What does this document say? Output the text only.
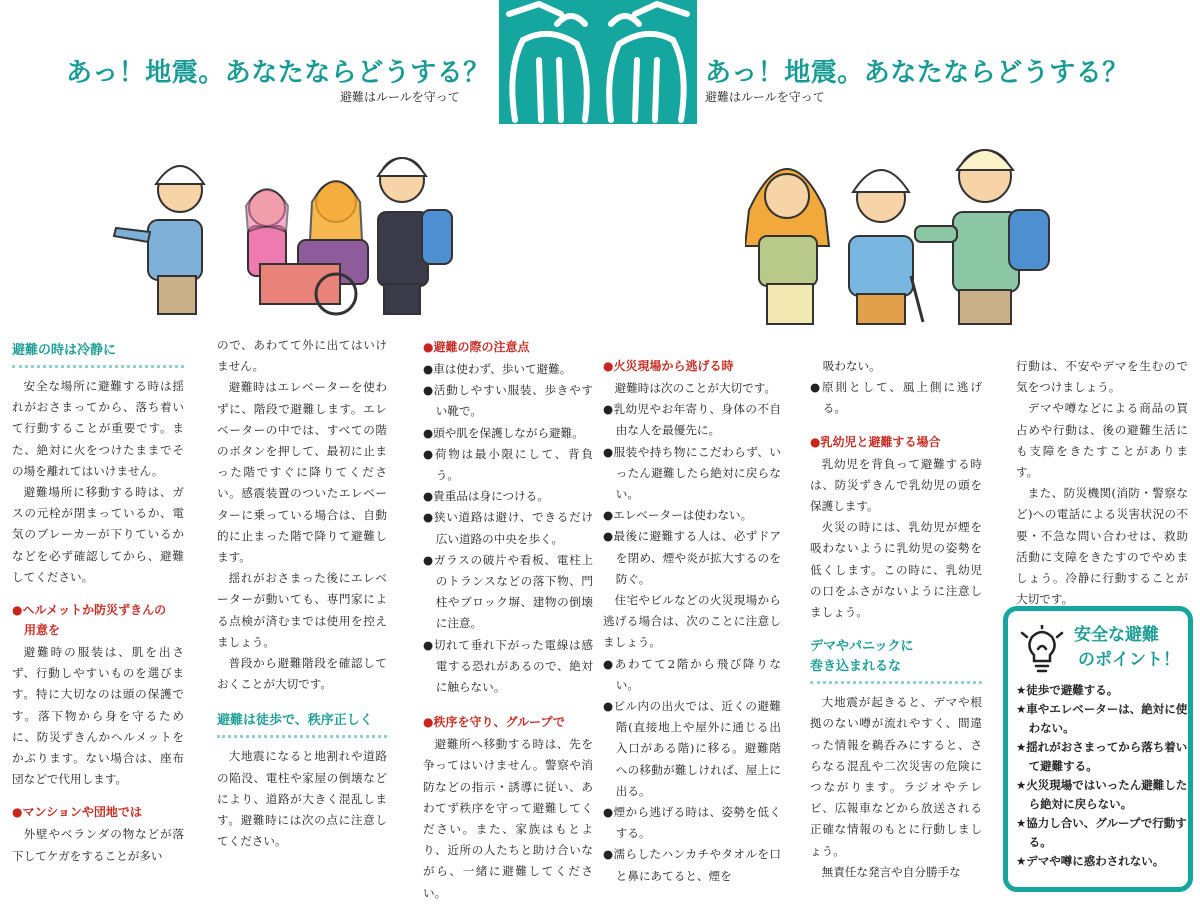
あっ！地震。あなたならどうする？
避難はルールを守って
あっ！地震。あなたならどうする？
避難はルールを守って
避難の時は冷静に

安全な場所に避難する時は揺れがおさまってから、落ち着いて行動することが重要です。また、絶対に火をつけたままでその場を離れてはいけません。

避難場所に移動する時は、ガスの元栓が閉まっているか、電気のブレーカーが下りているかなどを必ず確認してから、避難してください。

●ヘルメットか防災ずきんの
用意を

避難時の服装は、肌を出さず、行動しやすいものを選びます。特に大切なのは頭の保護です。落下物から身を守るために、防災ずきんかヘルメットをかぶります。ない場合は、座布団などで代用します。

●マンションや団地では

外壁やベランダの物などが落下してケガをすることが多い

ので、あわてて外に出てはいけません。

避難時はエレベーターを使わずに、階段で避難します。エレベーターの中では、すべての階のボタンを押して、最初に止まった階ですぐに降りてください。感震装置のついたエレベーターに乗っている場合は、自動的に止まった階で降りて避難します。

揺れがおさまった後にエレベーターが動いても、専門家による点検が済むまでは使用を控えましょう。

普段から避難階段を確認しておくことが大切です。

避難は徒歩で、秩序正しく

大地震になると地割れや道路の陥没、電柱や家屋の倒壊などにより、道路が大きく混乱します。避難時には次の点に注意してください。

●避難の際の注意点

●車は使わず、歩いて避難。

●活動しやすい服装、歩きやすい靴で。

●頭や肌を保護しながら避難。

●荷物は最小限にして、背負う。

●貴重品は身につける。

●狭い道路は避け、できるだけ広い道路の中央を歩く。

●ガラスの破片や看板、電柱上のトランスなどの落下物、門柱やブロック塀、建物の倒壊に注意。

●切れて垂れ下がった電線は感電する恐れがあるので、絶対に触らない。

●秩序を守り、グループで

避難所へ移動する時は、先を争ってはいけません。警察や消防などの指示・誘導に従い、あわてず秩序を守って避難してください。また、家族はもとより、近所の人たちと助け合いながら、一緒に避難してください。

●火災現場から逃げる時

避難時は次のことが大切です。

●乳幼児やお年寄り、身体の不自由な人を最優先に。

●服装や持ち物にこだわらず、いったん避難したら絶対に戻らない。

●エレベーターは使わない。

●最後に避難する人は、必ずドアを閉め、煙や炎が拡大するのを防ぐ。

住宅やビルなどの火災現場から逃げる場合は、次のことに注意しましょう。

●あわてて2階から飛び降りない。

●ビル内の出火では、近くの避難階(直接地上や屋外に通じる出入口がある階)に移る。避難階への移動が難しければ、屋上に出る。

●煙から逃げる時は、姿勢を低くする。

●濡らしたハンカチやタオルを口と鼻にあてると、煙を

吸わない。

●原則として、風上側に逃げる。

●乳幼児と避難する場合

乳幼児を背負って避難する時は、防災ずきんで乳幼児の頭を保護します。

火災の時には、乳幼児が煙を吸わないように乳幼児の姿勢を低くします。この時に、乳幼児の口をふさがないように注意しましょう。

デマやパニックに
巻き込まれるな

大地震が起きると、デマや根拠のない噂が流れやすく、間違った情報を鵜呑みにすると、さらなる混乱や二次災害の危険につながります。ラジオやテレビ、広報車などから放送される正確な情報のもとに行動しましょう。

無責任な発言や自分勝手な

行動は、不安やデマを生むので気をつけましょう。

デマや噂などによる商品の買占めや行動は、後の避難生活にも支障をきたすことがあります。

また、防災機関(消防・警察など)への電話による災害状況の不要・不急な問い合わせは、救助活動に支障をきたすのでやめましょう。冷静に行動することが大切です。

安全な避難
のポイント！
★徒歩で避難する。
★車やエレベーターは、絶対に使わない。
★揺れがおさまってから落ち着いて避難する。
★火災現場ではいったん避難したら絶対に戻らない。
★協力し合い、グループで行動する。
★デマや噂に惑わされない。
